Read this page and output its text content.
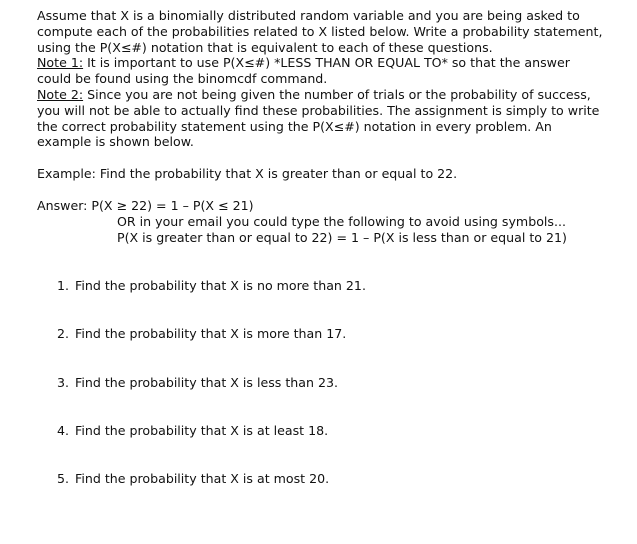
Assume that X is a binomially distributed random variable and you are being asked to
compute each of the probabilities related to X listed below. Write a probability statement,
using the P(X≤#) notation that is equivalent to each of these questions.
Note 1: It is important to use P(X≤#) *LESS THAN OR EQUAL TO* so that the answer
could be found using the binomcdf command.
Note 2: Since you are not being given the number of trials or the probability of success,
you will not be able to actually find these probabilities. The assignment is simply to write
the correct probability statement using the P(X≤#) notation in every problem. An
example is shown below.
Example: Find the probability that X is greater than or equal to 22.
Answer: P(X ≥ 22) = 1 – P(X ≤ 21)
OR in your email you could type the following to avoid using symbols...
P(X is greater than or equal to 22) = 1 – P(X is less than or equal to 21)
1. Find the probability that X is no more than 21.
2. Find the probability that X is more than 17.
3. Find the probability that X is less than 23.
4. Find the probability that X is at least 18.
5. Find the probability that X is at most 20.
